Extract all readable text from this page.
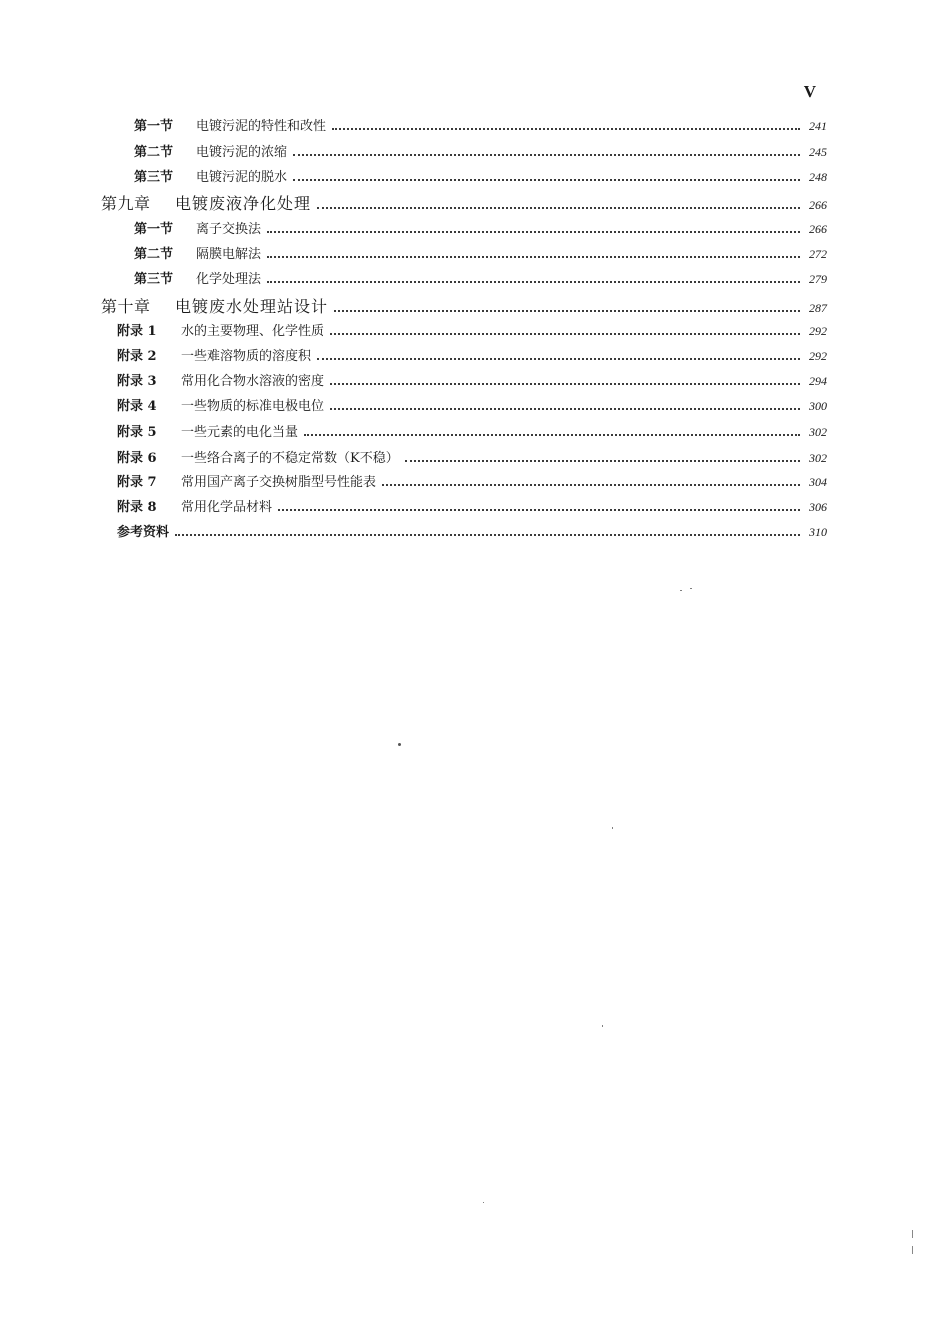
V
第一节	电镀污泥的特性和改性	241
第二节	电镀污泥的浓缩	245
第三节	电镀污泥的脱水	248
第九章	电镀废液净化处理	266
第一节	离子交换法	266
第二节	隔膜电解法	272
第三节	化学处理法	279
第十章	电镀废水处理站设计	287
附录 1	水的主要物理、化学性质	292
附录 2	一些难溶物质的溶度积	292
附录 3	常用化合物水溶液的密度	294
附录 4	一些物质的标准电极电位	300
附录 5	一些元素的电化当量	302
附录 6	一些络合离子的不稳定常数（K不稳）	302
附录 7	常用国产离子交换树脂型号性能表	304
附录 8	常用化学品材料	306
参考资料	310
